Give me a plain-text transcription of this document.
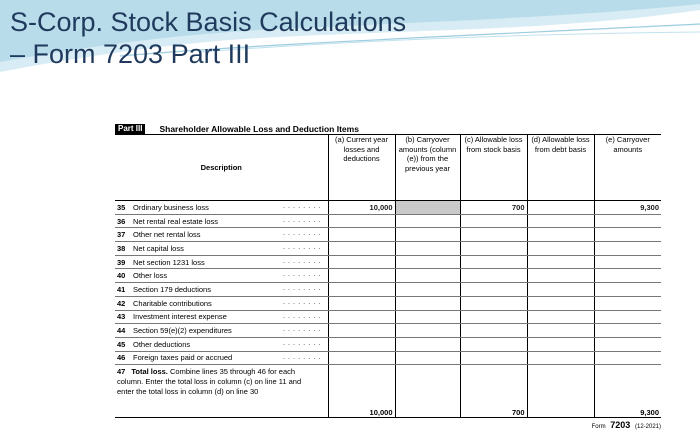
S-Corp. Stock Basis Calculations
– Form 7203 Part III
Part III	Shareholder Allowable Loss and Deduction Items
Description	(a) Current year losses and deductions	(b) Carryover amounts (column (e)) from the previous year	(c) Allowable loss from stock basis	(d) Allowable loss from debt basis	(e) Carryover amounts
35 Ordinary business loss ........	10,000		700		9,300
36 Net rental real estate loss ........					

37 Other net rental loss ........					

38 Net capital loss ........					

39 Net section 1231 loss ........					

40 Other loss ........					

41 Section 179 deductions ........					

42 Charitable contributions ........					

43 Investment interest expense ........					

44 Section 59(e)(2) expenditures ........					

45 Other deductions ........					

46 Foreign taxes paid or accrued ........					

47 Total loss. Combine lines 35 through 46 for each column. Enter the total loss in column (c) on line 11 and enter the total loss in column (d) on line 30	10,000		700		9,300
Form 7203 (12-2021)
